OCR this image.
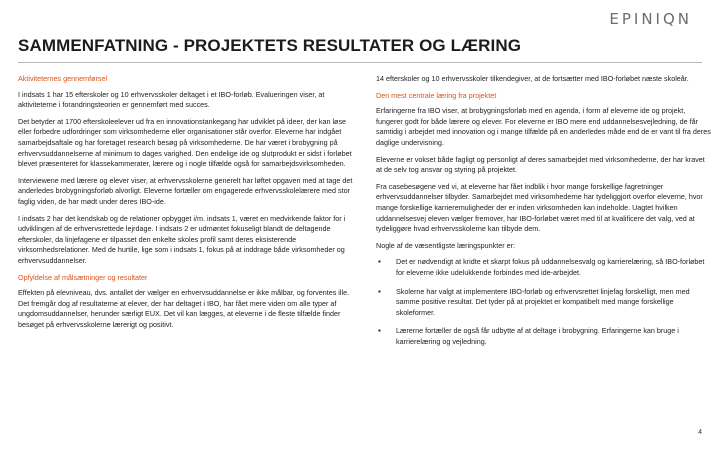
EPINIQN
SAMMENFATNING - PROJEKTETS RESULTATER OG LÆRING

Aktiviteternes gennemførsel

I indsats 1 har 15 efterskoler og 10 erhvervsskoler deltaget i et IBO-forløb. Evalueringen viser, at aktiviteterne i forandringsteorien er gennemført med succes.

Det betyder at 1700 efterskoleelever ud fra en innovationstankegang har udviklet på ideer, der kan løse eller forbedre udfordringer som virksomhederne eller organisationer står overfor. Eleverne har indgået samarbejdsaftale og har foretaget research besøg på virksomhederne. De har været i brobygning på erhvervsuddannelserne af minimum to dages varighed. Den endelige ide og slutprodukt er sidst i forløbet blevet præsenteret for klassekammerater, lærere og i nogle tilfælde også for samarbejdsvirksomheden.

Interviewene med lærere og elever viser, at erhvervsskolerne generelt har løftet opgaven med at tage det anderledes brobygningsforløb alvorligt. Eleverne fortæller om engagerede erhvervsskolelærere med stor faglig viden, de har mødt under deres IBO-ide.

I indsats 2 har det kendskab og de relationer opbygget i/m. indsats 1, været en medvirkende faktor for i udviklingen af de erhvervsrettede lejrdage. I indsats 2 er udmøntet fokuseligt blandt de deltagende efterskoler, da linjefagene er tilpasset den enkelte skoles profil samt deres eksisterende virksomhedsrelationer. Med de hurtile, lige som i indsats 1, fokus på at inddrage både virksomheder og erhvervsuddannelser.

Opfyldelse af målsætninger og resultater

Effekten på elevniveau, dvs. antallet der vælger en erhvervsuddannelse er ikke målbar, og forventes ille. Det fremgår dog af resultaterne at elever, der har deltaget i IBO, har fået mere viden om alle typer af ungdomsuddannelser, herunder særligt EUX. Det vil kan lægges, at eleverne i de fleste tilfælde finder besøget på erhvervsskolerne lærerigt og positivt.

14 efterskoler og 10 erhvervsskoler tilkendegiver, at de fortsætter med IBO-forløbet næste skoleår.

Den mest centrale læring fra projektet

Erfaringerne fra IBO viser, at brobygningsforløb med en agenda, i form af eleverne ide og projekt, fungerer godt for både lærere og elever. For eleverne er IBO mere end uddannelsesvejledning, de får samtidig i arbejdet med innovation og i mange tilfælde på en anderledes måde end de er vant til fra deres daglige undervisning.

Eleverne er vokset både fagligt og personligt af deres samarbejdet med virksomhederne, der har kravet at de selv tog ansvar og styring på projektet.

Fra casebesøgene ved vi, at eleverne har fået indblik i hvor mange forskellige fagretninger erhvervsuddannelser tilbyder. Samarbejdet med virksomhederne har tydeliggjort overfor eleverne, hvor mange forskellige karrieremuligheder der er inden virksomheden kan indeholde. Uagtet hvilken uddannelsesvej eleven vælger fremover, har IBO-forløbet været med til at kvalificere det valg, ved at tydeliggøre hvad erhvervsskolerne kan tilbyde dem.

Nogle af de væsentligste læringspunkter er:

▪ Det er nødvendigt at kridte et skarpt fokus på uddannelsesvalg og karrierelæring, så IBO-forløbet for eleverne ikke udelukkende forbindes med ide-arbejdet.
▪ Skolerne har valgt at implementere IBO-forløb og erhvervsrettet linjefag forskelligt, men med samme positive resultat. Det tyder på at projektet er kompatibelt med mange forskellige skoleformer.
▪ Lærerne fortæller de også får udbytte af at deltage i brobygning. Erfaringerne kan bruge i karrierelæring og vejledning.
4
